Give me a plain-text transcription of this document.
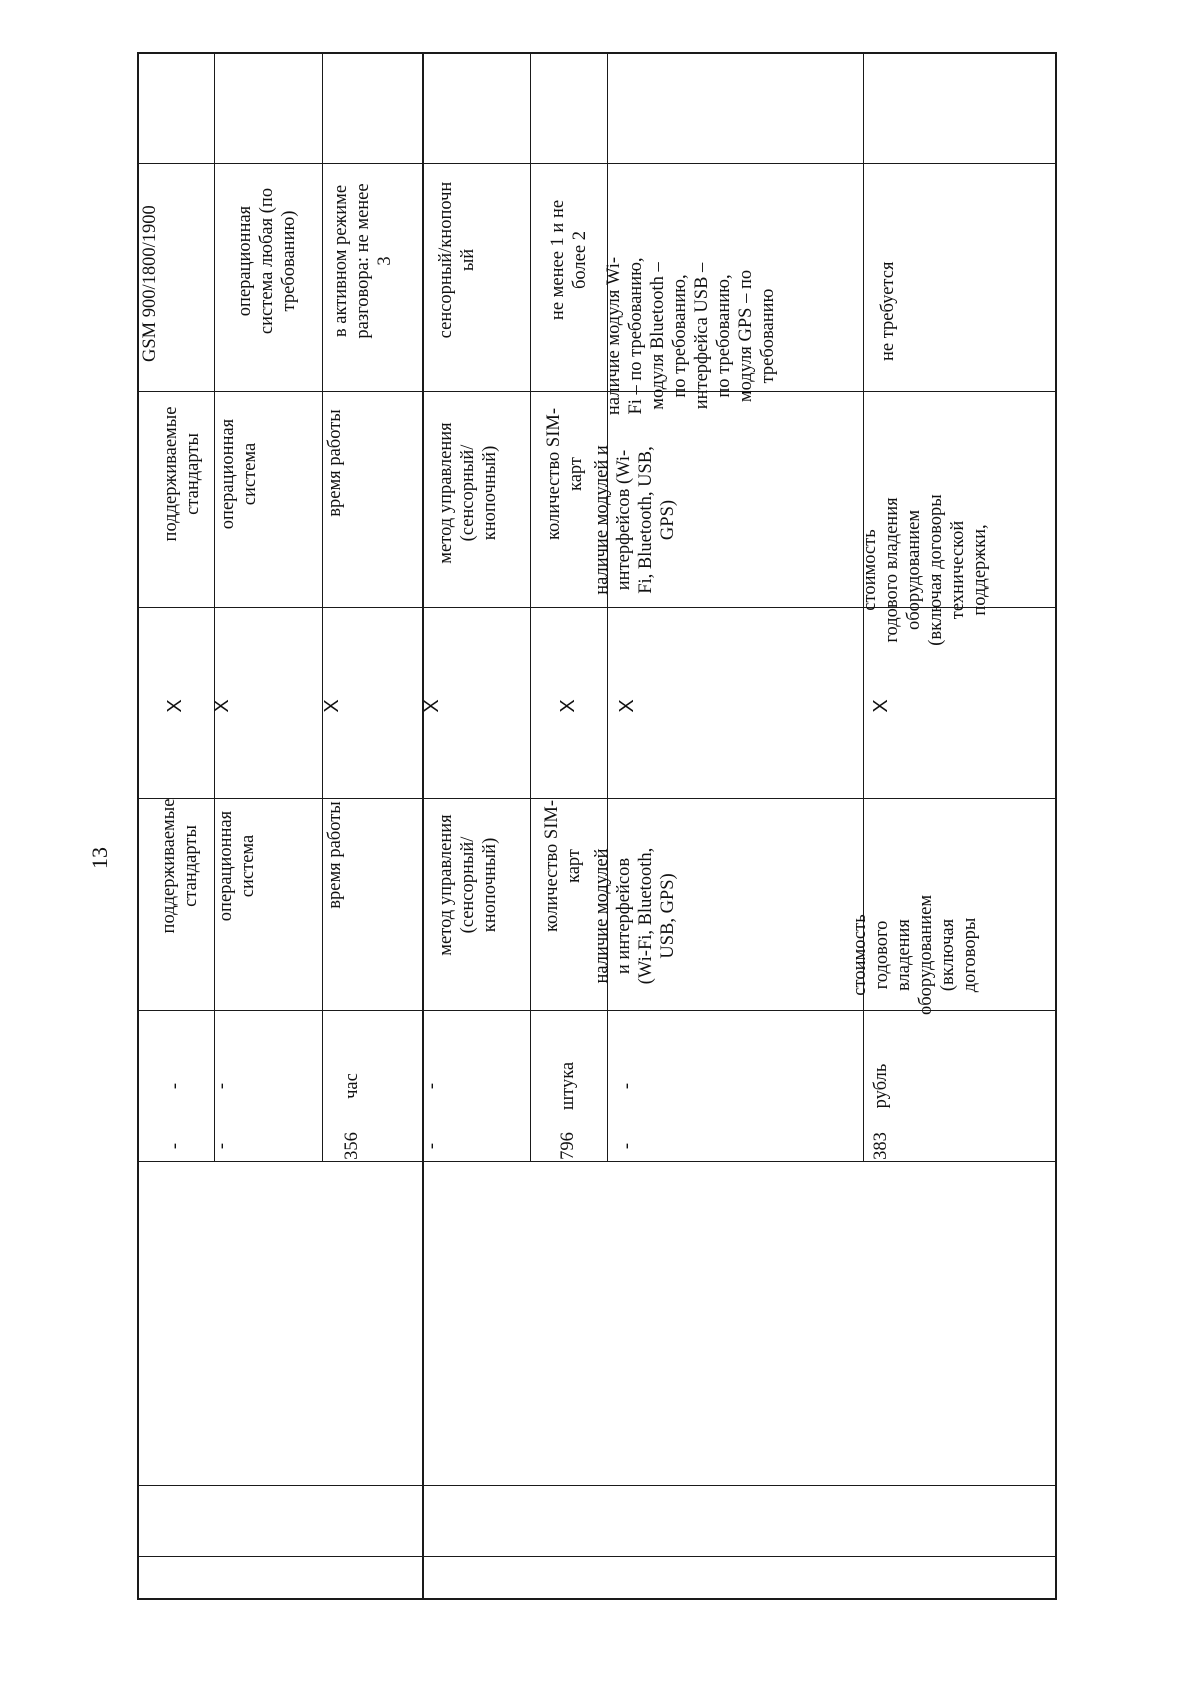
13
-
-
поддерживаемые
стандарты
Х
поддерживаемые
стандарты
GSM 900/1800/1900
-
-
операционная
система
Х
операционная
система
операционная
система любая (по
требованию)
356
час
время работы
Х
время работы
в активном режиме
разговора: не менее
3
-
-
метод управления
(сенсорный/
кнопочный)
Х
метод управления
(сенсорный/
кнопочный)
сенсорный/кнопочн
ый
796
штука
количество SIM-
карт
Х
количество SIM-
карт
не менее 1 и не
более 2
-
-
наличие модулей
и интерфейсов
(Wi-Fi, Bluetooth,
USB, GPS)
Х
наличие модулей и
интерфейсов (Wi-
Fi, Bluetooth, USB,
GPS)
наличие модуля Wi-
Fi – по требованию,
модуля Bluetooth –
по требованию,
интерфейса USB –
по требованию,
модуля GPS – по
требованию
383
рубль
стоимость
годового
владения
оборудованием
(включая
договоры
Х
стоимость
годового владения
оборудованием
(включая договоры
технической
поддержки,
не требуется
